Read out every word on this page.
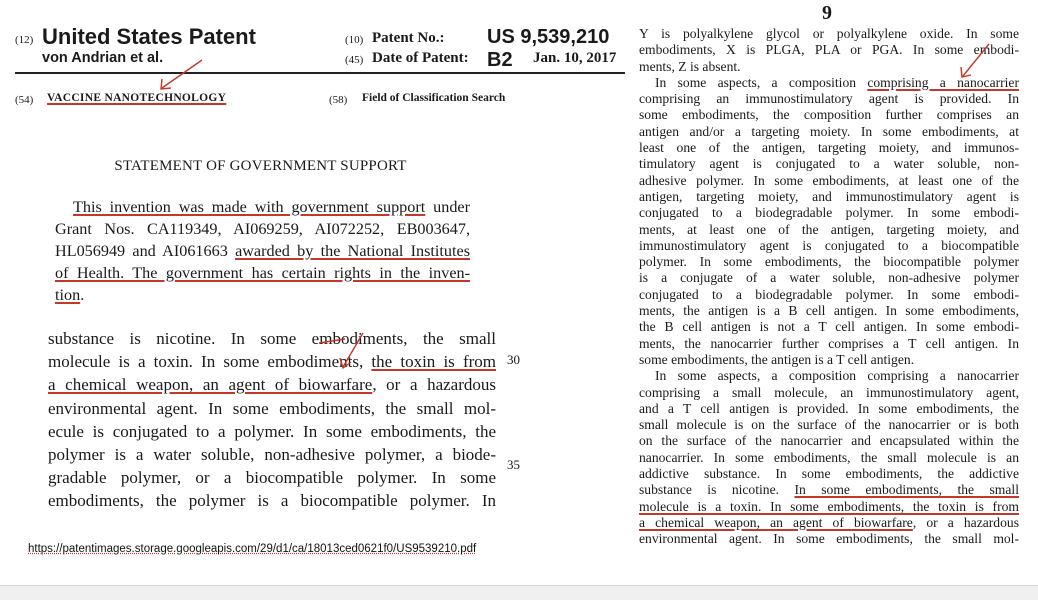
(12) United States Patent
von Andrian et al.
(10) Patent No.: US 9,539,210 B2
(45) Date of Patent:	Jan. 10, 2017
(54) VACCINE NANOTECHNOLOGY	(58) Field of Classification Search
STATEMENT OF GOVERNMENT SUPPORT
This invention was made with government support under
Grant Nos. CA119349, AI069259, AI072252, EB003647,
HL056949 and AI061663 awarded by the National Institutes
of Health. The government has certain rights in the inven-
tion.
substance is nicotine. In some embodiments, the small
molecule is a toxin. In some embodiments, the toxin is from
a chemical weapon, an agent of biowarfare, or a hazardous
environmental agent. In some embodiments, the small mol-
ecule is conjugated to a polymer. In some embodiments, the
polymer is a water soluble, non-adhesive polymer, a biode-
gradable polymer, or a biocompatible polymer. In some
embodiments, the polymer is a biocompatible polymer. In
30
35
https://patentimages.storage.googleapis.com/29/d1/ca/18013ced0621f0/US9539210.pdf
9
Y is polyalkylene glycol or polyalkylene oxide. In some
embodiments, X is PLGA, PLA or PGA. In some embodi-
ments, Z is absent.
In some aspects, a composition comprising a nanocarrier
comprising an immunostimulatory agent is provided. In
some embodiments, the composition further comprises an
antigen and/or a targeting moiety. In some embodiments, at
least one of the antigen, targeting moiety, and immunos-
timulatory agent is conjugated to a water soluble, non-
adhesive polymer. In some embodiments, at least one of the
antigen, targeting moiety, and immunostimulatory agent is
conjugated to a biodegradable polymer. In some embodi-
ments, at least one of the antigen, targeting moiety, and
immunostimulatory agent is conjugated to a biocompatible
polymer. In some embodiments, the biocompatible polymer
is a conjugate of a water soluble, non-adhesive polymer
conjugated to a biodegradable polymer. In some embodi-
ments, the antigen is a B cell antigen. In some embodiments,
the B cell antigen is not a T cell antigen. In some embodi-
ments, the nanocarrier further comprises a T cell antigen. In
some embodiments, the antigen is a T cell antigen.
In some aspects, a composition comprising a nanocarrier
comprising a small molecule, an immunostimulatory agent,
and a T cell antigen is provided. In some embodiments, the
small molecule is on the surface of the nanocarrier or is both
on the surface of the nanocarrier and encapsulated within the
nanocarrier. In some embodiments, the small molecule is an
addictive substance. In some embodiments, the addictive
substance is nicotine. In some embodiments, the small
molecule is a toxin. In some embodiments, the toxin is from
a chemical weapon, an agent of biowarfare, or a hazardous
environmental agent. In some embodiments, the small mol-
